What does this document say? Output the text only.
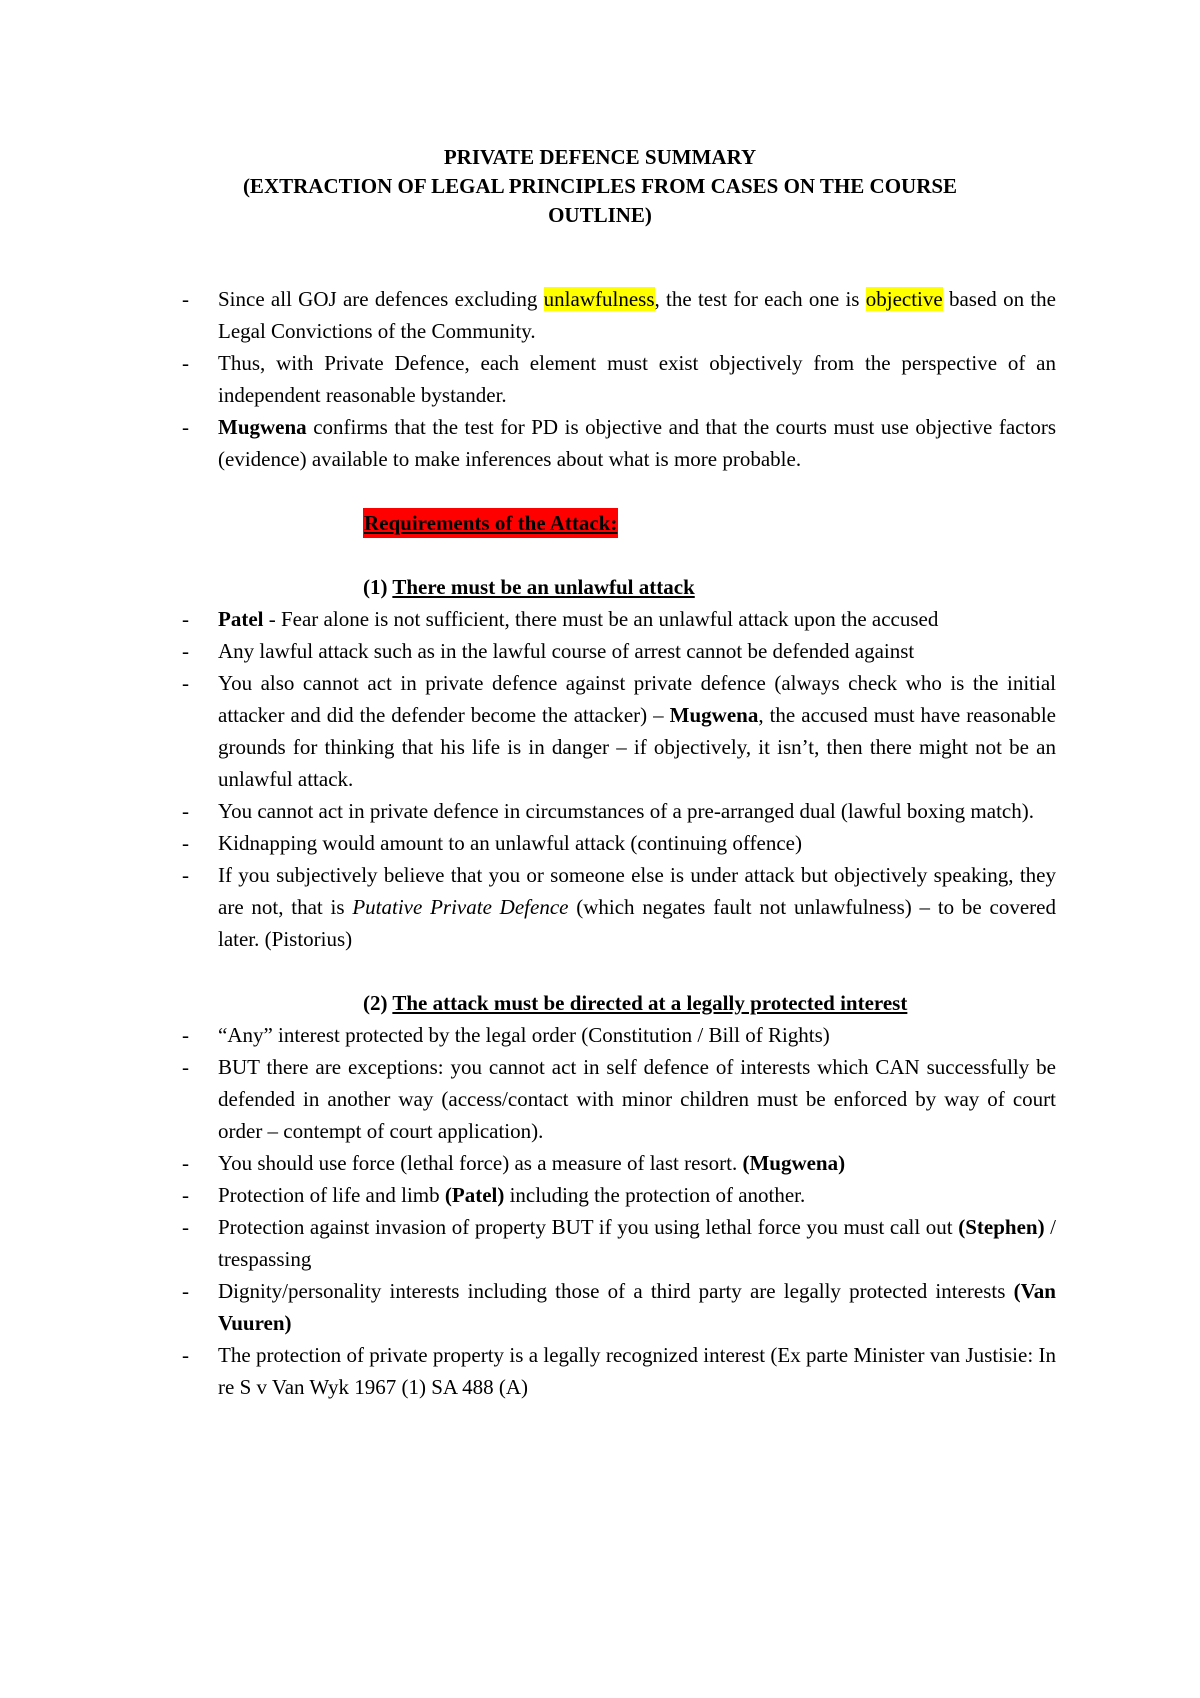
PRIVATE DEFENCE SUMMARY
(EXTRACTION OF LEGAL PRINCIPLES FROM CASES ON THE COURSE
OUTLINE)
- Since all GOJ are defences excluding unlawfulness, the test for each one is objective based on the Legal Convictions of the Community.
- Thus, with Private Defence, each element must exist objectively from the perspective of an independent reasonable bystander.
- Mugwena confirms that the test for PD is objective and that the courts must use objective factors (evidence) available to make inferences about what is more probable.
Requirements of the Attack:
(1) There must be an unlawful attack
- Patel - Fear alone is not sufficient, there must be an unlawful attack upon the accused
- Any lawful attack such as in the lawful course of arrest cannot be defended against
- You also cannot act in private defence against private defence (always check who is the initial attacker and did the defender become the attacker) – Mugwena, the accused must have reasonable grounds for thinking that his life is in danger – if objectively, it isn’t, then there might not be an unlawful attack.
- You cannot act in private defence in circumstances of a pre-arranged dual (lawful boxing match).
- Kidnapping would amount to an unlawful attack (continuing offence)
- If you subjectively believe that you or someone else is under attack but objectively speaking, they are not, that is Putative Private Defence (which negates fault not unlawfulness) – to be covered later. (Pistorius)
(2) The attack must be directed at a legally protected interest
- “Any” interest protected by the legal order (Constitution / Bill of Rights)
- BUT there are exceptions: you cannot act in self defence of interests which CAN successfully be defended in another way (access/contact with minor children must be enforced by way of court order – contempt of court application).
- You should use force (lethal force) as a measure of last resort. (Mugwena)
- Protection of life and limb (Patel) including the protection of another.
- Protection against invasion of property BUT if you using lethal force you must call out (Stephen) / trespassing
- Dignity/personality interests including those of a third party are legally protected interests (Van Vuuren)
- The protection of private property is a legally recognized interest (Ex parte Minister van Justisie: In re S v Van Wyk 1967 (1) SA 488 (A)
